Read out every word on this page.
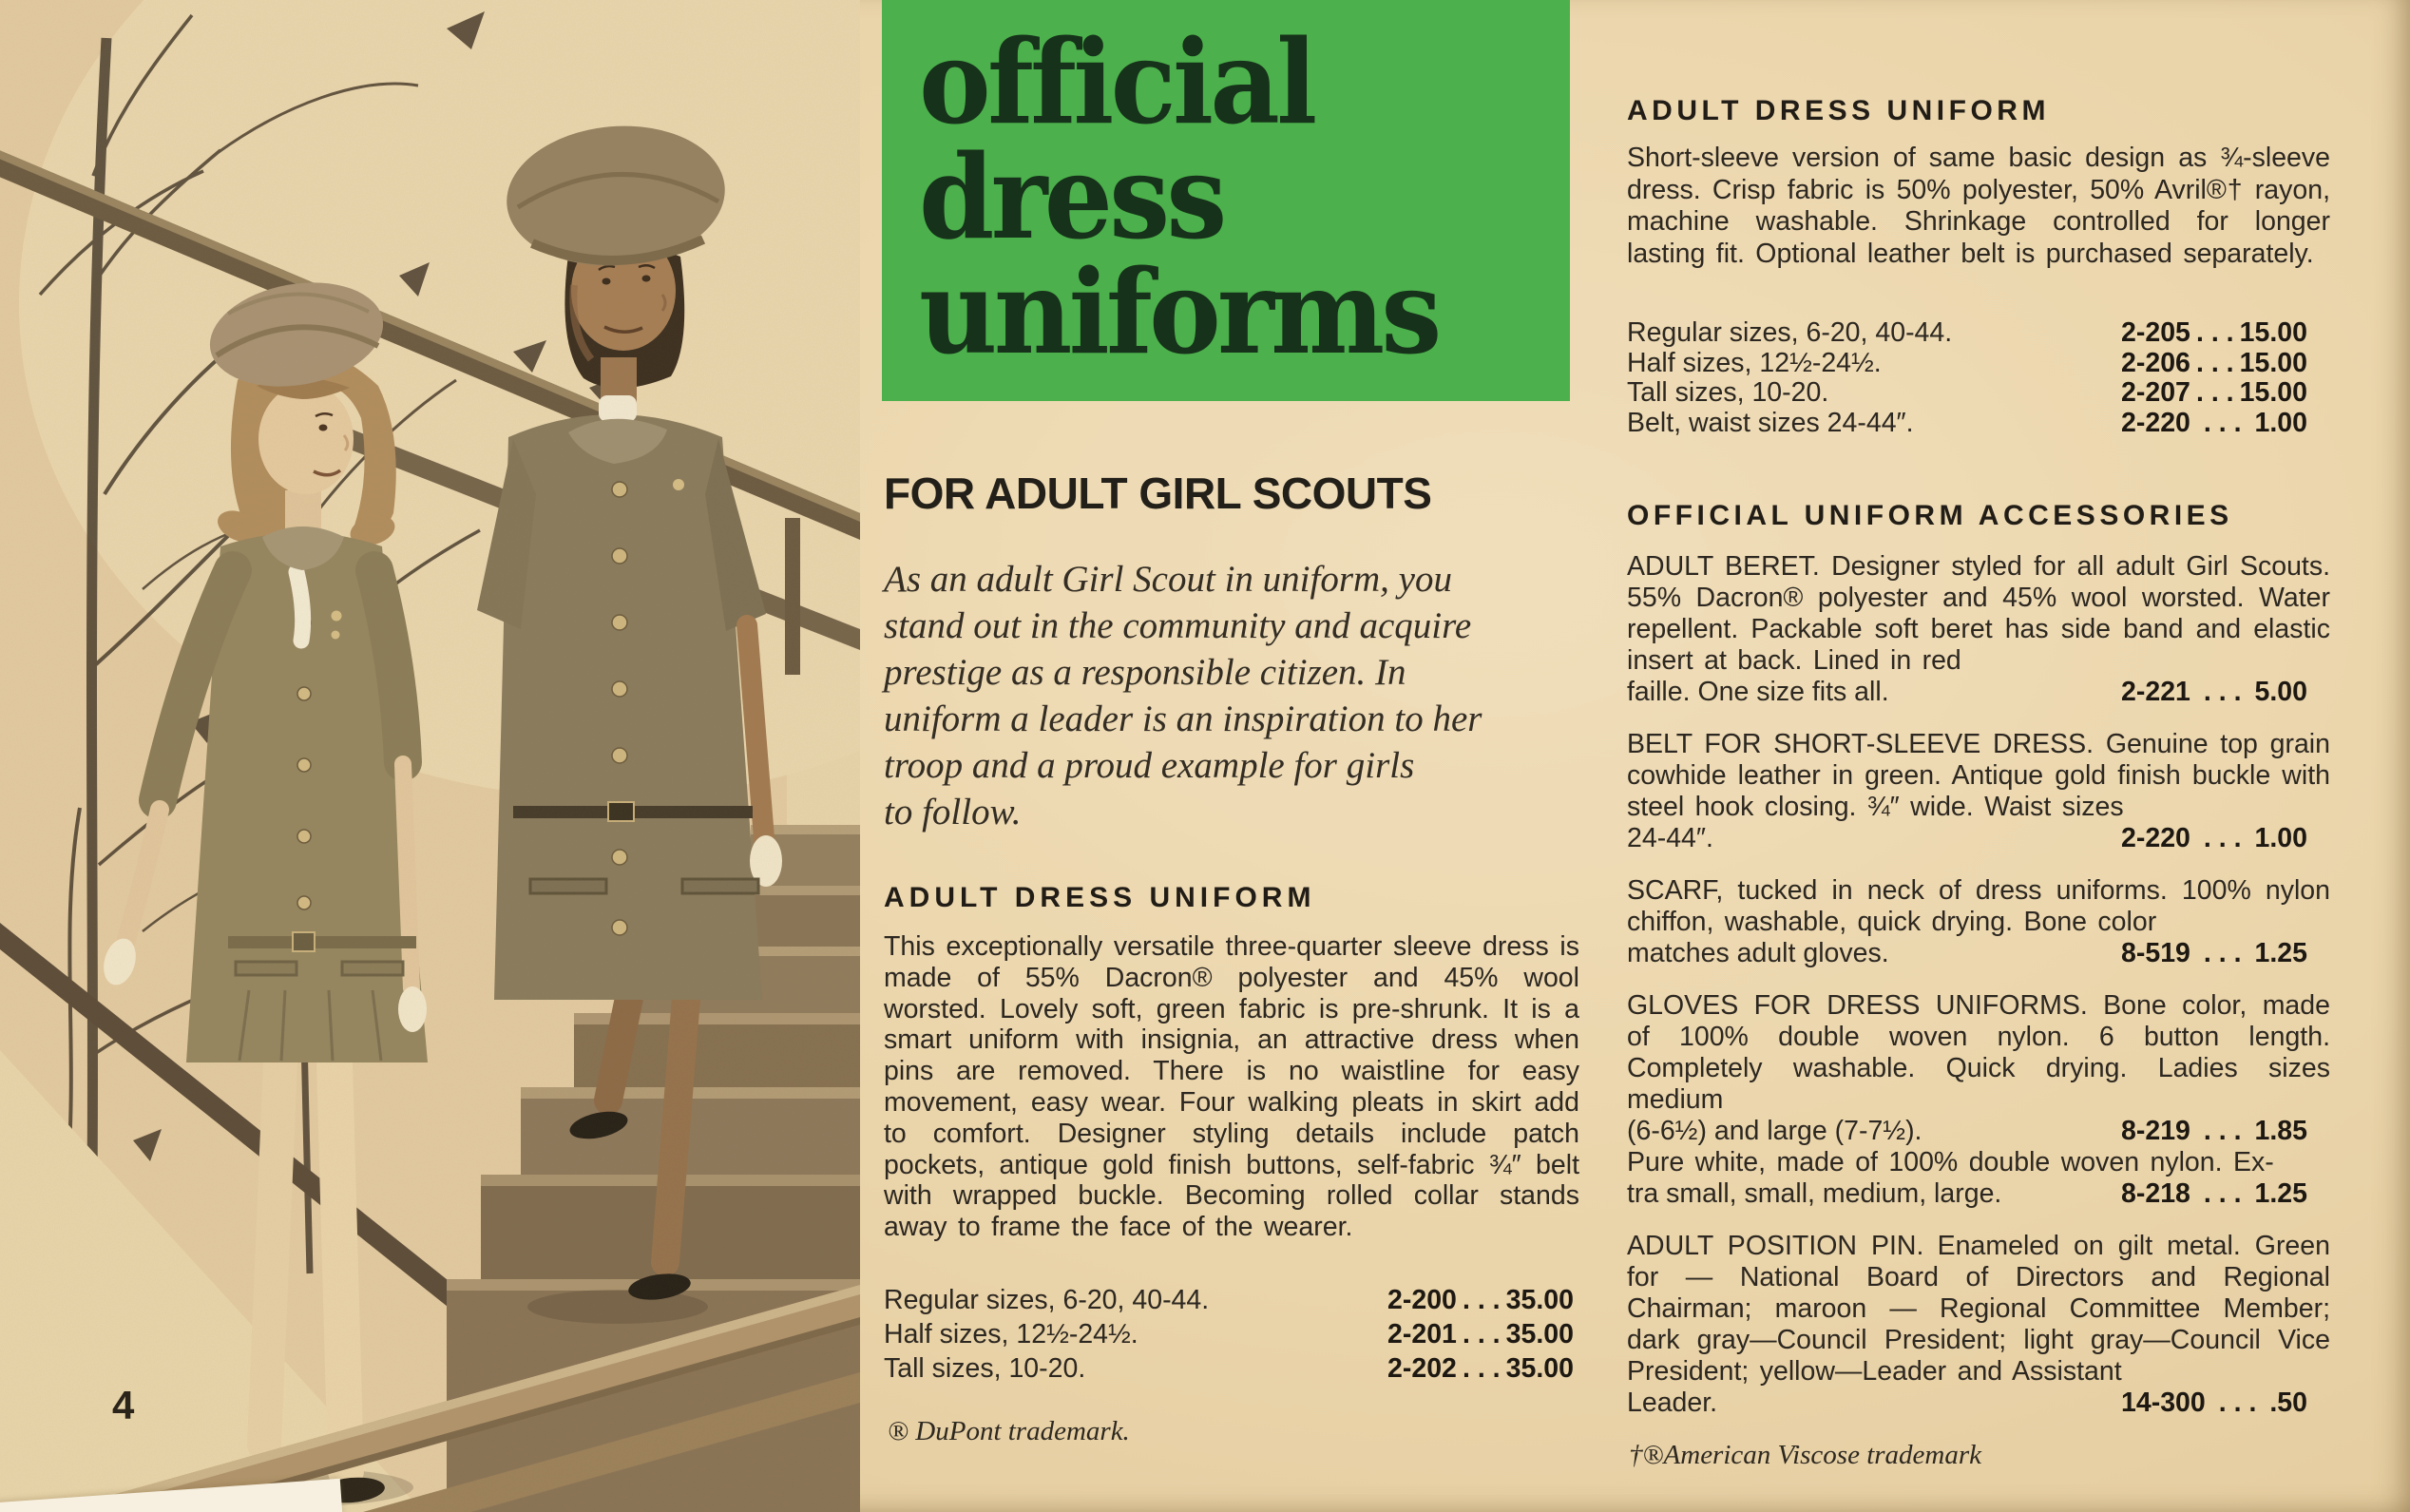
4
official
dress
uniforms
FOR ADULT GIRL SCOUTS
As an adult Girl Scout in uniform, you
stand out in the community and acquire
prestige as a responsible citizen. In
uniform a leader is an inspiration to her
troop and a proud example for girls
to follow.
ADULT DRESS UNIFORM
This exceptionally versatile three-quarter sleeve dress is made of 55% Dacron® polyester and 45% wool worsted. Lovely soft, green fabric is pre-shrunk. It is a smart uniform with insignia, an attractive dress when pins are removed. There is no waistline for easy movement, easy wear. Four walking pleats in skirt add to comfort. Designer styling details include patch pockets, antique gold finish buttons, self-fabric ¾″ belt with wrapped buckle. Becoming rolled collar stands away to frame the face of the wearer.
Regular sizes, 6-20, 40-44.	2-200 . . . 35.00
Half sizes, 12½-24½.	2-201 . . . 35.00
Tall sizes, 10-20.	2-202 . . . 35.00
® DuPont trademark.
ADULT DRESS UNIFORM
Short-sleeve version of same basic design as ¾-sleeve dress. Crisp fabric is 50% polyester, 50% Avril®† rayon, machine washable. Shrinkage controlled for longer lasting fit. Optional leather belt is purchased separately.
Regular sizes, 6-20, 40-44.	2-205 . . . 15.00
Half sizes, 12½-24½.	2-206 . . . 15.00
Tall sizes, 10-20.	2-207 . . . 15.00
Belt, waist sizes 24-44″.	2-220 . . . 1.00
OFFICIAL UNIFORM ACCESSORIES
ADULT BERET. Designer styled for all adult Girl Scouts. 55% Dacron® polyester and 45% wool worsted. Water repellent. Packable soft beret has side band and elastic insert at back. Lined in red
faille. One size fits all.	2-221 . . . 5.00
BELT FOR SHORT-SLEEVE DRESS. Genuine top grain cowhide leather in green. Antique gold finish buckle with steel hook closing. ¾″ wide. Waist sizes
24-44″.	2-220 . . . 1.00
SCARF, tucked in neck of dress uniforms. 100% nylon chiffon, washable, quick drying. Bone color
matches adult gloves.	8-519 . . . 1.25
GLOVES FOR DRESS UNIFORMS. Bone color, made of 100% double woven nylon. 6 button length. Completely washable. Quick drying. Ladies sizes medium
(6-6½) and large (7-7½).	8-219 . . . 1.85
Pure white, made of 100% double woven nylon. Ex-
tra small, small, medium, large.	8-218 . . . 1.25
ADULT POSITION PIN. Enameled on gilt metal. Green for — National Board of Directors and Regional Chairman; maroon — Regional Committee Member; dark gray—Council President; light gray—Council Vice President; yellow—Leader and Assistant
Leader.	14-300 . . . .50
†®American Viscose trademark
